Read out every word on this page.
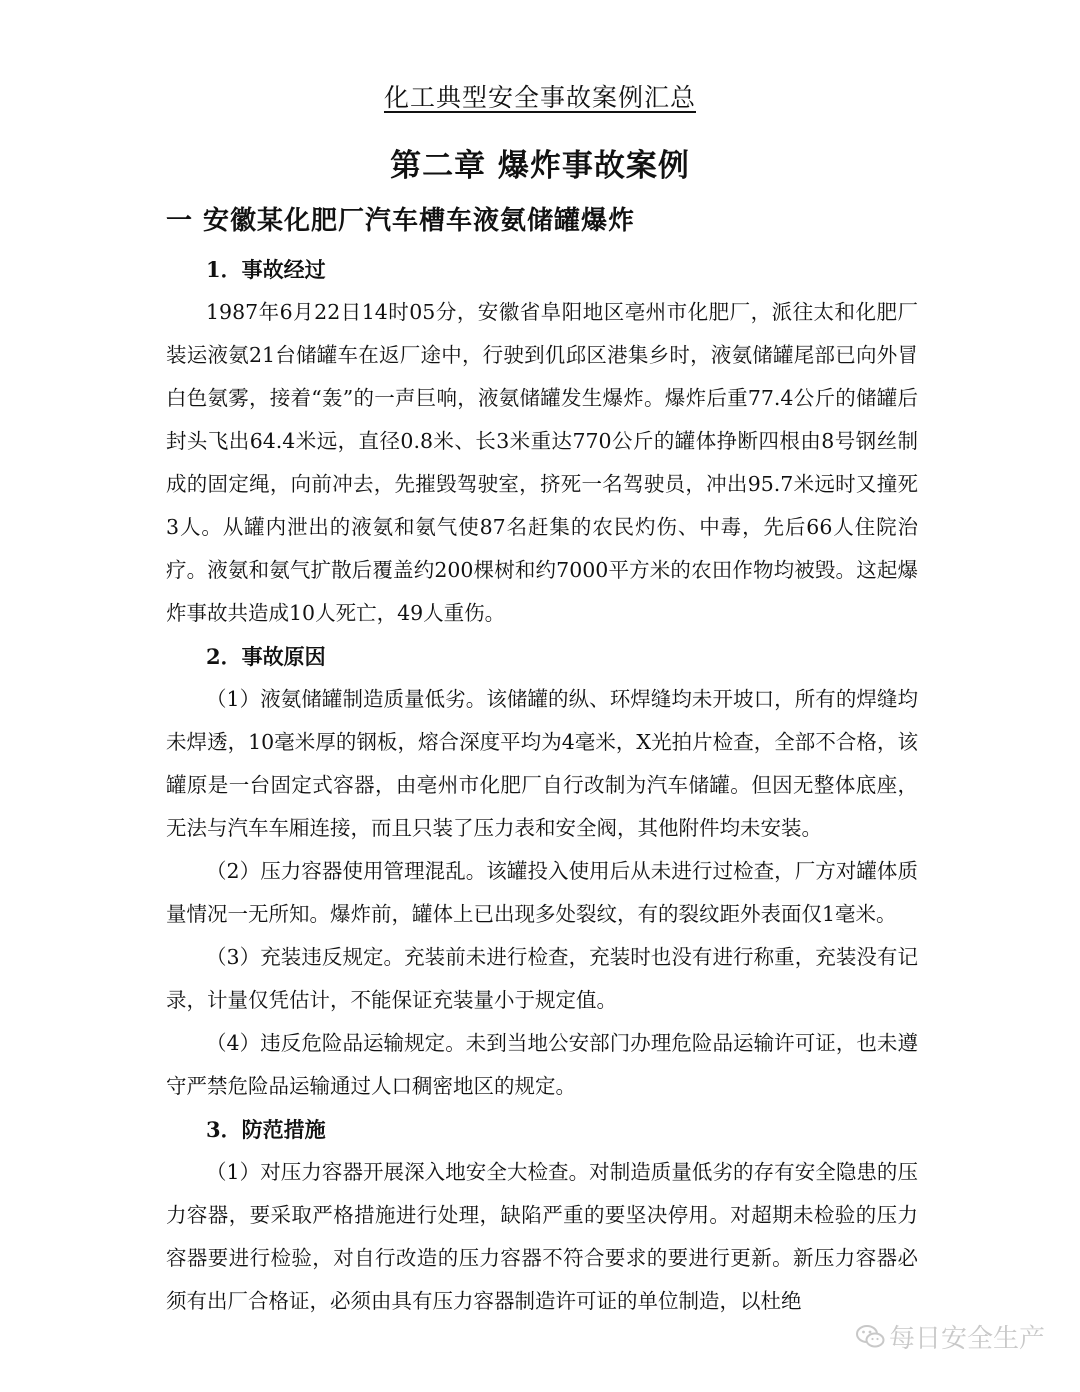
化工典型安全事故案例汇总
第二章 爆炸事故案例
一 安徽某化肥厂汽车槽车液氨储罐爆炸
1．事故经过

1987年6月22日14时05分，安徽省阜阳地区亳州市化肥厂，派往太和化肥厂装运液氨21台储罐车在返厂途中，行驶到仉邱区港集乡时，液氨储罐尾部已向外冒白色氨雾，接着“轰”的一声巨响，液氨储罐发生爆炸。爆炸后重77.4公斤的储罐后封头飞出64.4米远，直径0.8米、长3米重达770公斤的罐体挣断四根由8号钢丝制成的固定绳，向前冲去，先摧毁驾驶室，挤死一名驾驶员，冲出95.7米远时又撞死3人。从罐内泄出的液氨和氨气使87名赶集的农民灼伤、中毒，先后66人住院治疗。液氨和氨气扩散后覆盖约200棵树和约7000平方米的农田作物均被毁。这起爆炸事故共造成10人死亡，49人重伤。

2．事故原因

（1）液氨储罐制造质量低劣。该储罐的纵、环焊缝均未开坡口，所有的焊缝均未焊透，10毫米厚的钢板，熔合深度平均为4毫米，X光拍片检查，全部不合格，该罐原是一台固定式容器，由亳州市化肥厂自行改制为汽车储罐。但因无整体底座，无法与汽车车厢连接，而且只装了压力表和安全阀，其他附件均未安装。

（2）压力容器使用管理混乱。该罐投入使用后从未进行过检查，厂方对罐体质量情况一无所知。爆炸前，罐体上已出现多处裂纹，有的裂纹距外表面仅1毫米。

（3）充装违反规定。充装前未进行检查，充装时也没有进行称重，充装没有记录，计量仅凭估计，不能保证充装量小于规定值。

（4）违反危险品运输规定。未到当地公安部门办理危险品运输许可证，也未遵守严禁危险品运输通过人口稠密地区的规定。

3．防范措施

（1）对压力容器开展深入地安全大检查。对制造质量低劣的存有安全隐患的压力容器，要采取严格措施进行处理，缺陷严重的要坚决停用。对超期未检验的压力容器要进行检验，对自行改造的压力容器不符合要求的要进行更新。新压力容器必须有出厂合格证，必须由具有压力容器制造许可证的单位制造，以杜绝

每日安全生产
